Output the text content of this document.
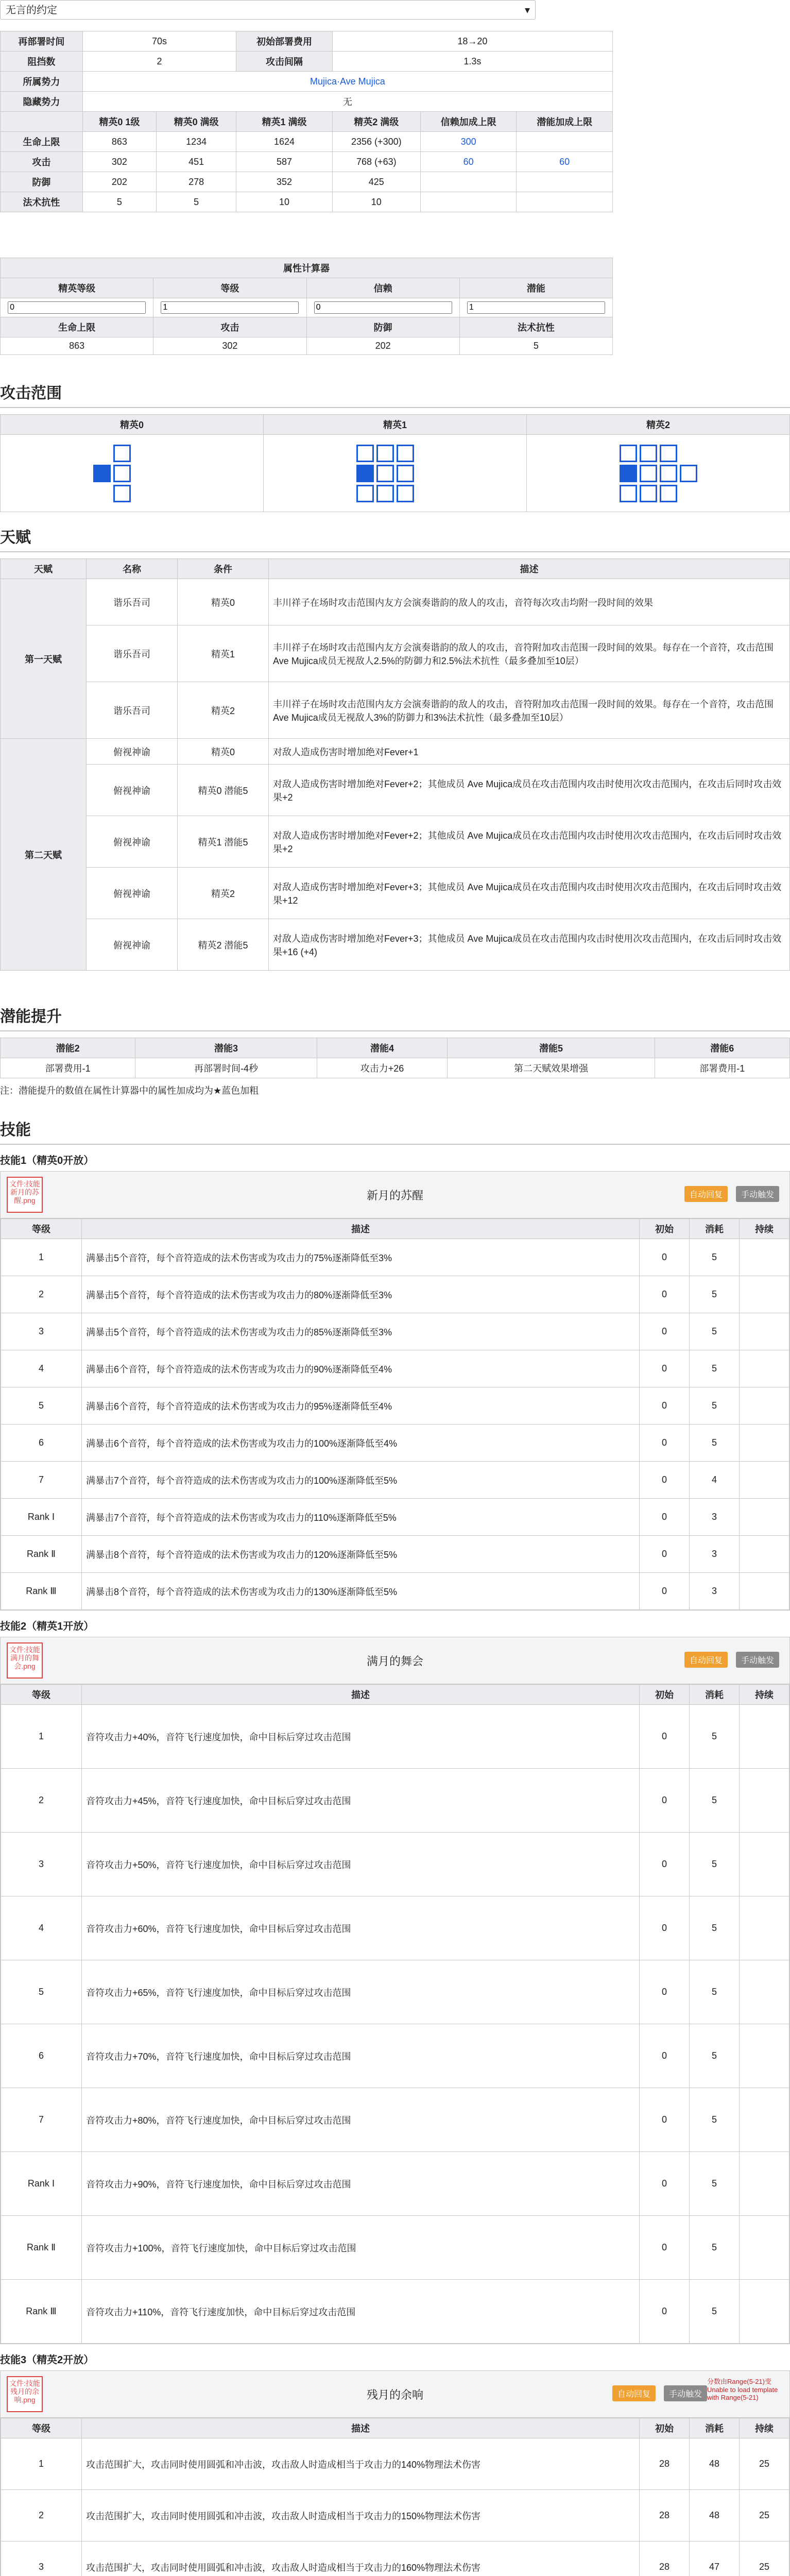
无言的约定	▾
再部署时间	70s		初始部署费用	18→20		
阻挡数	2		攻击间隔	1.3s		
所属势力	Mujica·Ave Mujica					
隐藏势力	无					
	精英0 1级	精英0 满级	精英1 满级	精英2 满级	信赖加成上限	潜能加成上限
生命上限	863	1234	1624	2356 (+300)	300	
攻击	302	451	587	768 (+63)	60	60
防御	202	278	352	425		
法术抗性	5	5	10	10		
属性计算器			
精英等级	等级	信赖	潜能
0	1	0	1
生命上限	攻击	防御	法术抗性
863	302	202	5
攻击范围
精英0	精英1	精英2

天赋
天赋	名称	条件	描述
第一天赋	谐乐吾司	精英0	丰川祥子在场时攻击范围内友方会演奏谐韵的敌人的攻击，音符每次攻击均附一段时间的效果
	谐乐吾司	精英1	丰川祥子在场时攻击范围内友方会演奏谐韵的敌人的攻击，音符附加攻击范围一段时间的效果。每存在一个音符，攻击范围 Ave Mujica成员无视敌人2.5%的防御力和2.5%法术抗性（最多叠加至10层）
	谐乐吾司	精英2	丰川祥子在场时攻击范围内友方会演奏谐韵的敌人的攻击，音符附加攻击范围一段时间的效果。每存在一个音符，攻击范围 Ave Mujica成员无视敌人3%的防御力和3%法术抗性（最多叠加至10层）
第二天赋	俯视神谕	精英0	对敌人造成伤害时增加绝对Fever+1
	俯视神谕	精英0 潜能5	对敌人造成伤害时增加绝对Fever+2；其他成员 Ave Mujica成员在攻击范围内攻击时使用次攻击范围内，在攻击后同时攻击效果+2
	俯视神谕	精英1 潜能5	对敌人造成伤害时增加绝对Fever+2；其他成员 Ave Mujica成员在攻击范围内攻击时使用次攻击范围内，在攻击后同时攻击效果+2
	俯视神谕	精英2	对敌人造成伤害时增加绝对Fever+3；其他成员 Ave Mujica成员在攻击范围内攻击时使用次攻击范围内，在攻击后同时攻击效果+12
	俯视神谕	精英2 潜能5	对敌人造成伤害时增加绝对Fever+3；其他成员 Ave Mujica成员在攻击范围内攻击时使用次攻击范围内，在攻击后同时攻击效果+16 (+4)
潜能提升
潜能2	潜能3	潜能4	潜能5	潜能6
部署费用-1	再部署时间-4秒	攻击力+26	第二天赋效果增强	部署费用-1
注：潜能提升的数值在属性计算器中的属性加成均为★蓝色加粗
技能
技能1（精英0开放）
文件:技能 新月的苏醒.png	新月的苏醒	自动回复	手动触发
等级	描述	初始	消耗	持续
1	满暴击5个音符，每个音符造成的法术伤害或为攻击力的75%逐渐降低至3%	0	5	
2	满暴击5个音符，每个音符造成的法术伤害或为攻击力的80%逐渐降低至3%	0	5	
3	满暴击5个音符，每个音符造成的法术伤害或为攻击力的85%逐渐降低至3%	0	5	
4	满暴击6个音符，每个音符造成的法术伤害或为攻击力的90%逐渐降低至4%	0	5	
5	满暴击6个音符，每个音符造成的法术伤害或为攻击力的95%逐渐降低至4%	0	5	
6	满暴击6个音符，每个音符造成的法术伤害或为攻击力的100%逐渐降低至4%	0	5	
7	满暴击7个音符，每个音符造成的法术伤害或为攻击力的100%逐渐降低至5%	0	4	
Rank Ⅰ	满暴击7个音符，每个音符造成的法术伤害或为攻击力的110%逐渐降低至5%	0	3	
Rank Ⅱ	满暴击8个音符，每个音符造成的法术伤害或为攻击力的120%逐渐降低至5%	0	3	
Rank Ⅲ	满暴击8个音符，每个音符造成的法术伤害或为攻击力的130%逐渐降低至5%	0	3	
技能2（精英1开放）
文件:技能 满月的舞会.png	满月的舞会	自动回复	手动触发
等级	描述	初始	消耗	持续
1	音符攻击力+40%，音符飞行速度加快，命中目标后穿过攻击范围	0	5	
2	音符攻击力+45%，音符飞行速度加快，命中目标后穿过攻击范围	0	5	
3	音符攻击力+50%，音符飞行速度加快，命中目标后穿过攻击范围	0	5	
4	音符攻击力+60%，音符飞行速度加快，命中目标后穿过攻击范围	0	5	
5	音符攻击力+65%，音符飞行速度加快，命中目标后穿过攻击范围	0	5	
6	音符攻击力+70%，音符飞行速度加快，命中目标后穿过攻击范围	0	5	
7	音符攻击力+80%，音符飞行速度加快，命中目标后穿过攻击范围	0	5	
Rank Ⅰ	音符攻击力+90%，音符飞行速度加快，命中目标后穿过攻击范围	0	5	
Rank Ⅱ	音符攻击力+100%，音符飞行速度加快，命中目标后穿过攻击范围	0	5	
Rank Ⅲ	音符攻击力+110%，音符飞行速度加快，命中目标后穿过攻击范围	0	5	
技能3（精英2开放）
文件:技能 残月的余响.png	残月的余响	自动回复	手动触发
分数由Range(5-21)变 Unable to load template with Range(5-21)
等级	描述	初始	消耗	持续
1	攻击范围扩大，攻击同时使用圆弧和冲击波，攻击敌人时造成相当于攻击力的140%物理法术伤害	28	48	25
2	攻击范围扩大，攻击同时使用圆弧和冲击波，攻击敌人时造成相当于攻击力的150%物理法术伤害	28	48	25
3	攻击范围扩大，攻击同时使用圆弧和冲击波，攻击敌人时造成相当于攻击力的160%物理法术伤害	28	47	25
